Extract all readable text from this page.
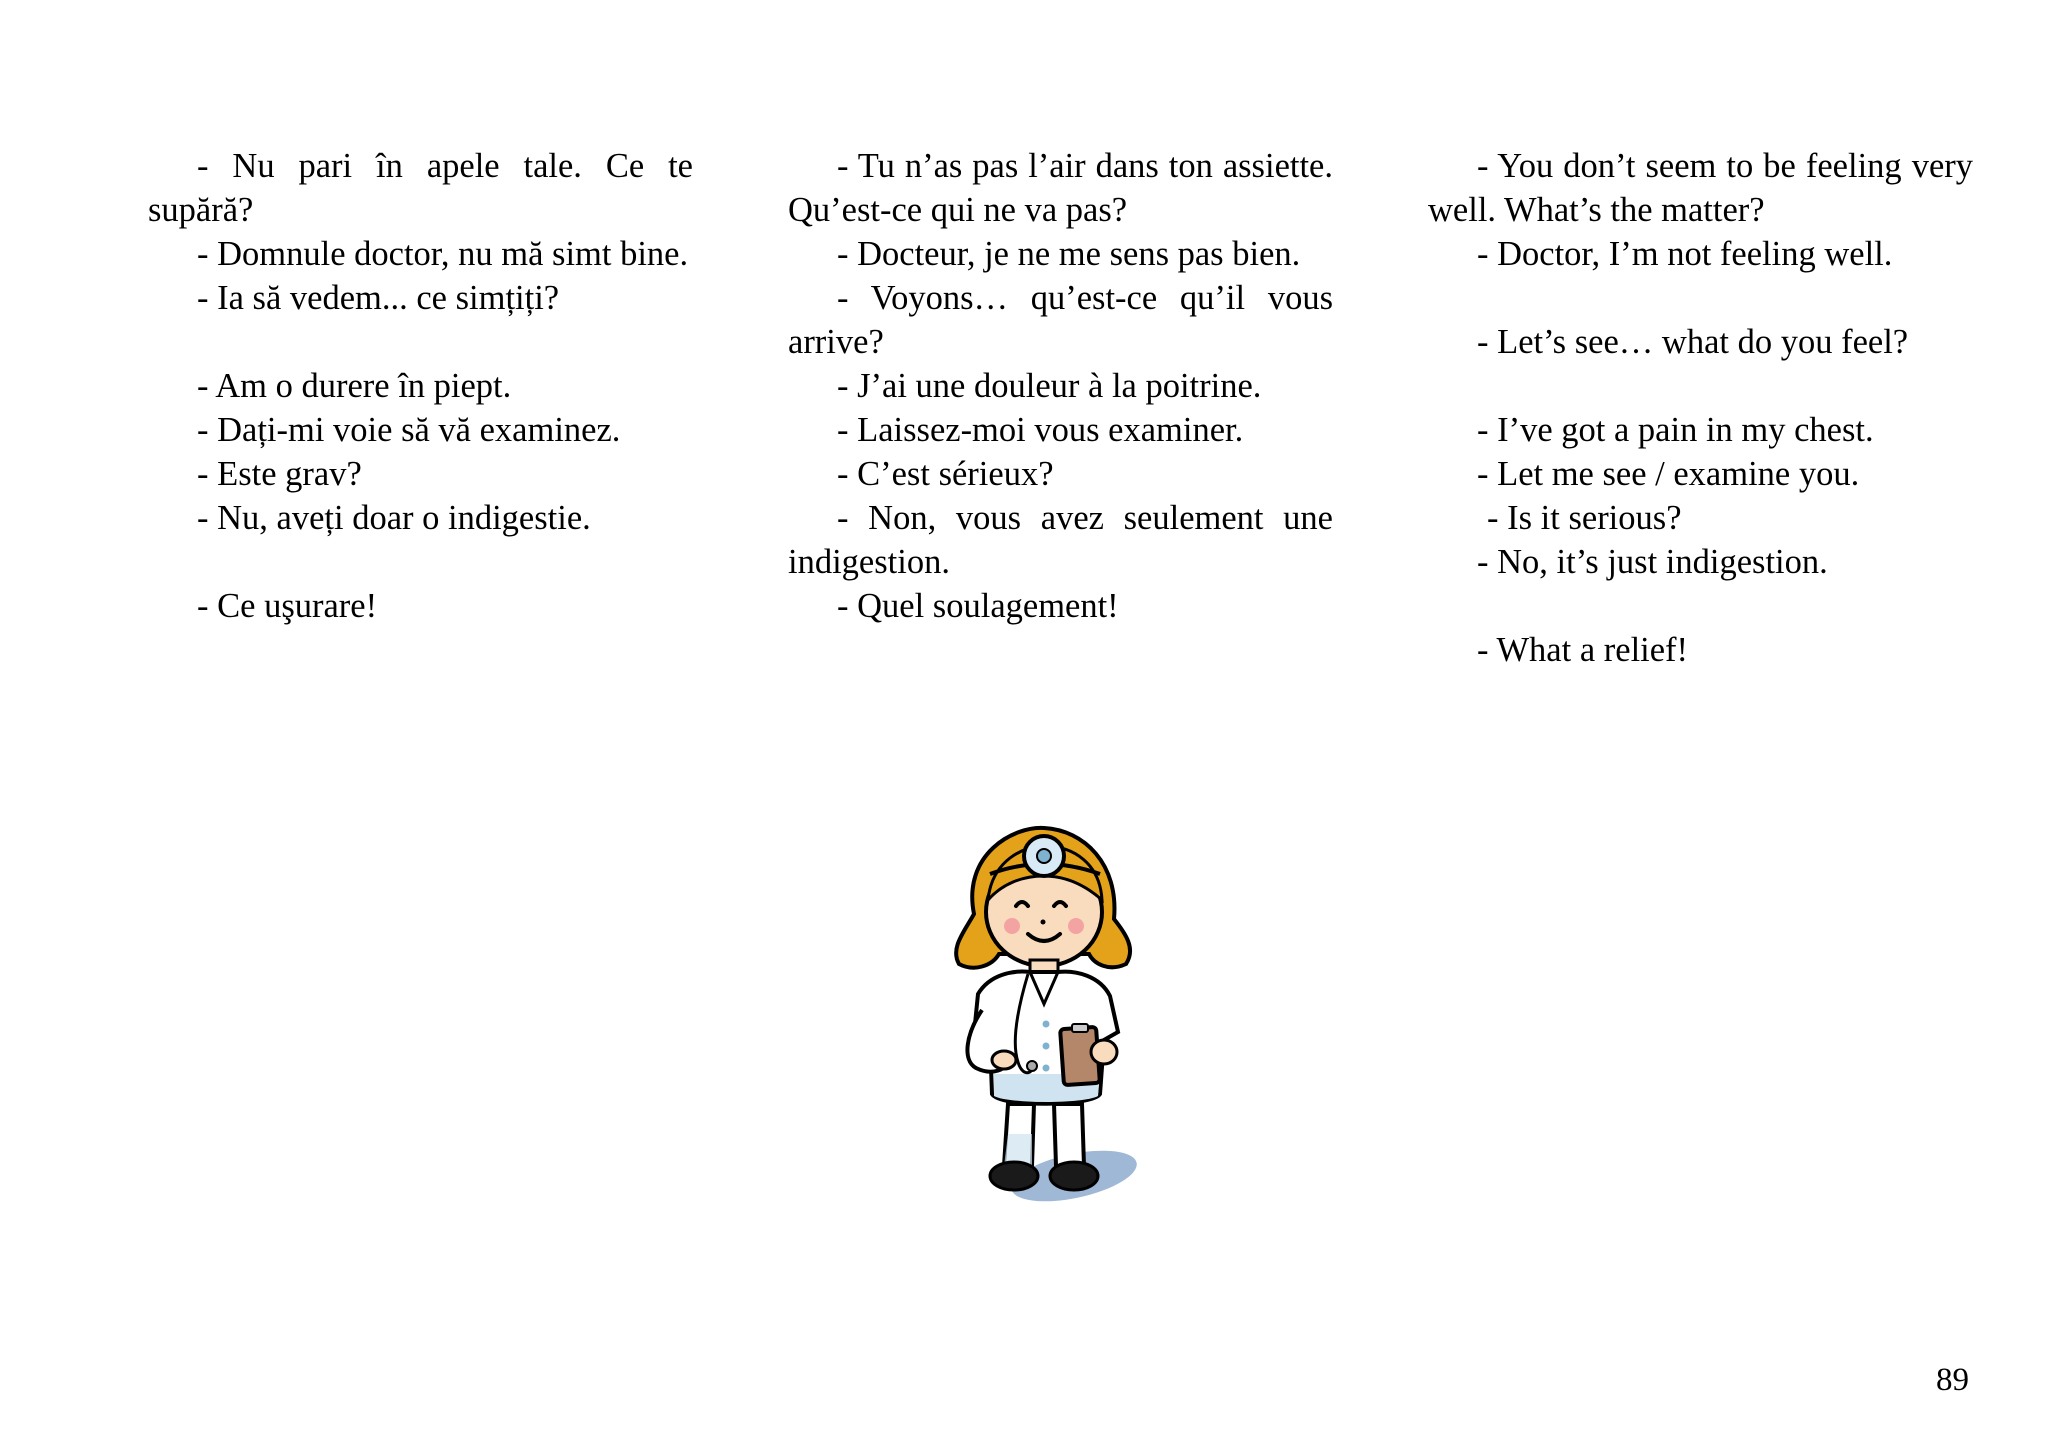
- Nu pari în apele tale. Ce te supără?

- Domnule doctor, nu mă simt bine.

- Ia să vedem... ce simțiți?

- Am o durere în piept.

- Dați-mi voie să vă examinez.

- Este grav?

- Nu, aveți doar o indigestie.

- Ce uşurare!

- Tu n’as pas l’air dans ton assiette. Qu’est-ce qui ne va pas?

- Docteur, je ne me sens pas bien.

- Voyons… qu’est-ce qu’il vous arrive?

- J’ai une douleur à la poitrine.

- Laissez-moi vous examiner.

- C’est sérieux?

- Non, vous avez seulement une indigestion.

- Quel soulagement!

- You don’t seem to be feeling very well. What’s the matter?

- Doctor, I’m not feeling well.

- Let’s see… what do you feel?

- I’ve got a pain in my chest.

- Let me see / examine you.

- Is it serious?

- No, it’s just indigestion.

- What a relief!

89
